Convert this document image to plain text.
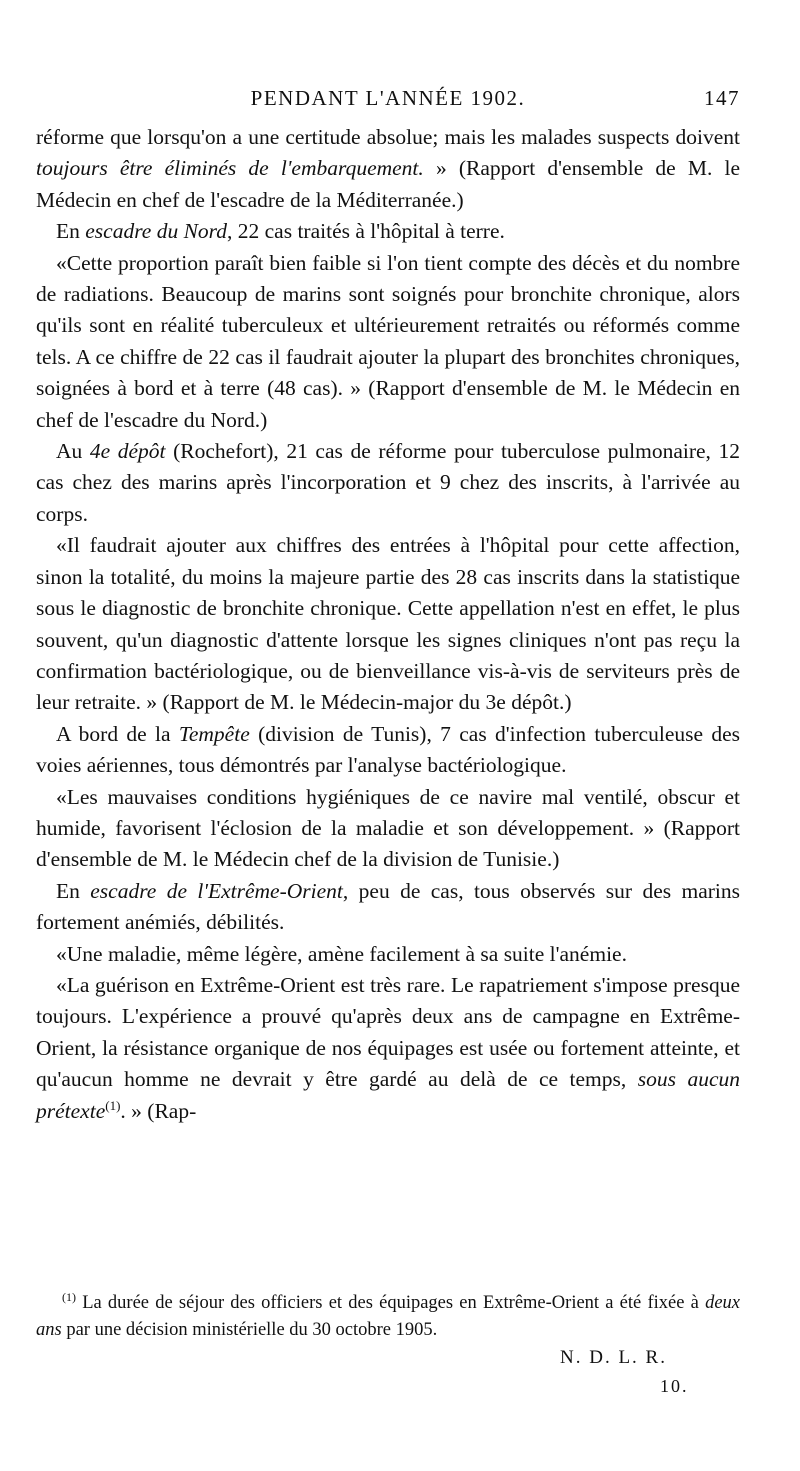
PENDANT L'ANNÉE 1902.	147

réforme que lorsqu'on a une certitude absolue; mais les malades suspects doivent toujours être éliminés de l'embarquement. » (Rapport d'ensemble de M. le Médecin en chef de l'escadre de la Méditerranée.)

En escadre du Nord, 22 cas traités à l'hôpital à terre.

«Cette proportion paraît bien faible si l'on tient compte des décès et du nombre de radiations. Beaucoup de marins sont soignés pour bronchite chronique, alors qu'ils sont en réalité tuberculeux et ultérieurement retraités ou réformés comme tels. A ce chiffre de 22 cas il faudrait ajouter la plupart des bronchites chroniques, soignées à bord et à terre (48 cas). » (Rapport d'ensemble de M. le Médecin en chef de l'escadre du Nord.)

Au 4e dépôt (Rochefort), 21 cas de réforme pour tuberculose pulmonaire, 12 cas chez des marins après l'incorporation et 9 chez des inscrits, à l'arrivée au corps.

«Il faudrait ajouter aux chiffres des entrées à l'hôpital pour cette affection, sinon la totalité, du moins la majeure partie des 28 cas inscrits dans la statistique sous le diagnostic de bronchite chronique. Cette appellation n'est en effet, le plus souvent, qu'un diagnostic d'attente lorsque les signes cliniques n'ont pas reçu la confirmation bactériologique, ou de bienveillance vis-à-vis de serviteurs près de leur retraite. » (Rapport de M. le Médecin-major du 3e dépôt.)

A bord de la Tempête (division de Tunis), 7 cas d'infection tuberculeuse des voies aériennes, tous démontrés par l'analyse bactériologique.

«Les mauvaises conditions hygiéniques de ce navire mal ventilé, obscur et humide, favorisent l'éclosion de la maladie et son développement. » (Rapport d'ensemble de M. le Médecin chef de la division de Tunisie.)

En escadre de l'Extrême-Orient, peu de cas, tous observés sur des marins fortement anémiés, débilités.

«Une maladie, même légère, amène facilement à sa suite l'anémie.

«La guérison en Extrême-Orient est très rare. Le rapatriement s'impose presque toujours. L'expérience a prouvé qu'après deux ans de campagne en Extrême-Orient, la résistance organique de nos équipages est usée ou fortement atteinte, et qu'aucun homme ne devrait y être gardé au delà de ce temps, sous aucun prétexte$^{(1)}$. » (Rap-

$^{(1)}$ La durée de séjour des officiers et des équipages en Extrême-Orient a été fixée à deux ans par une décision ministérielle du 30 octobre 1905.

N. D. L. R.
10.
